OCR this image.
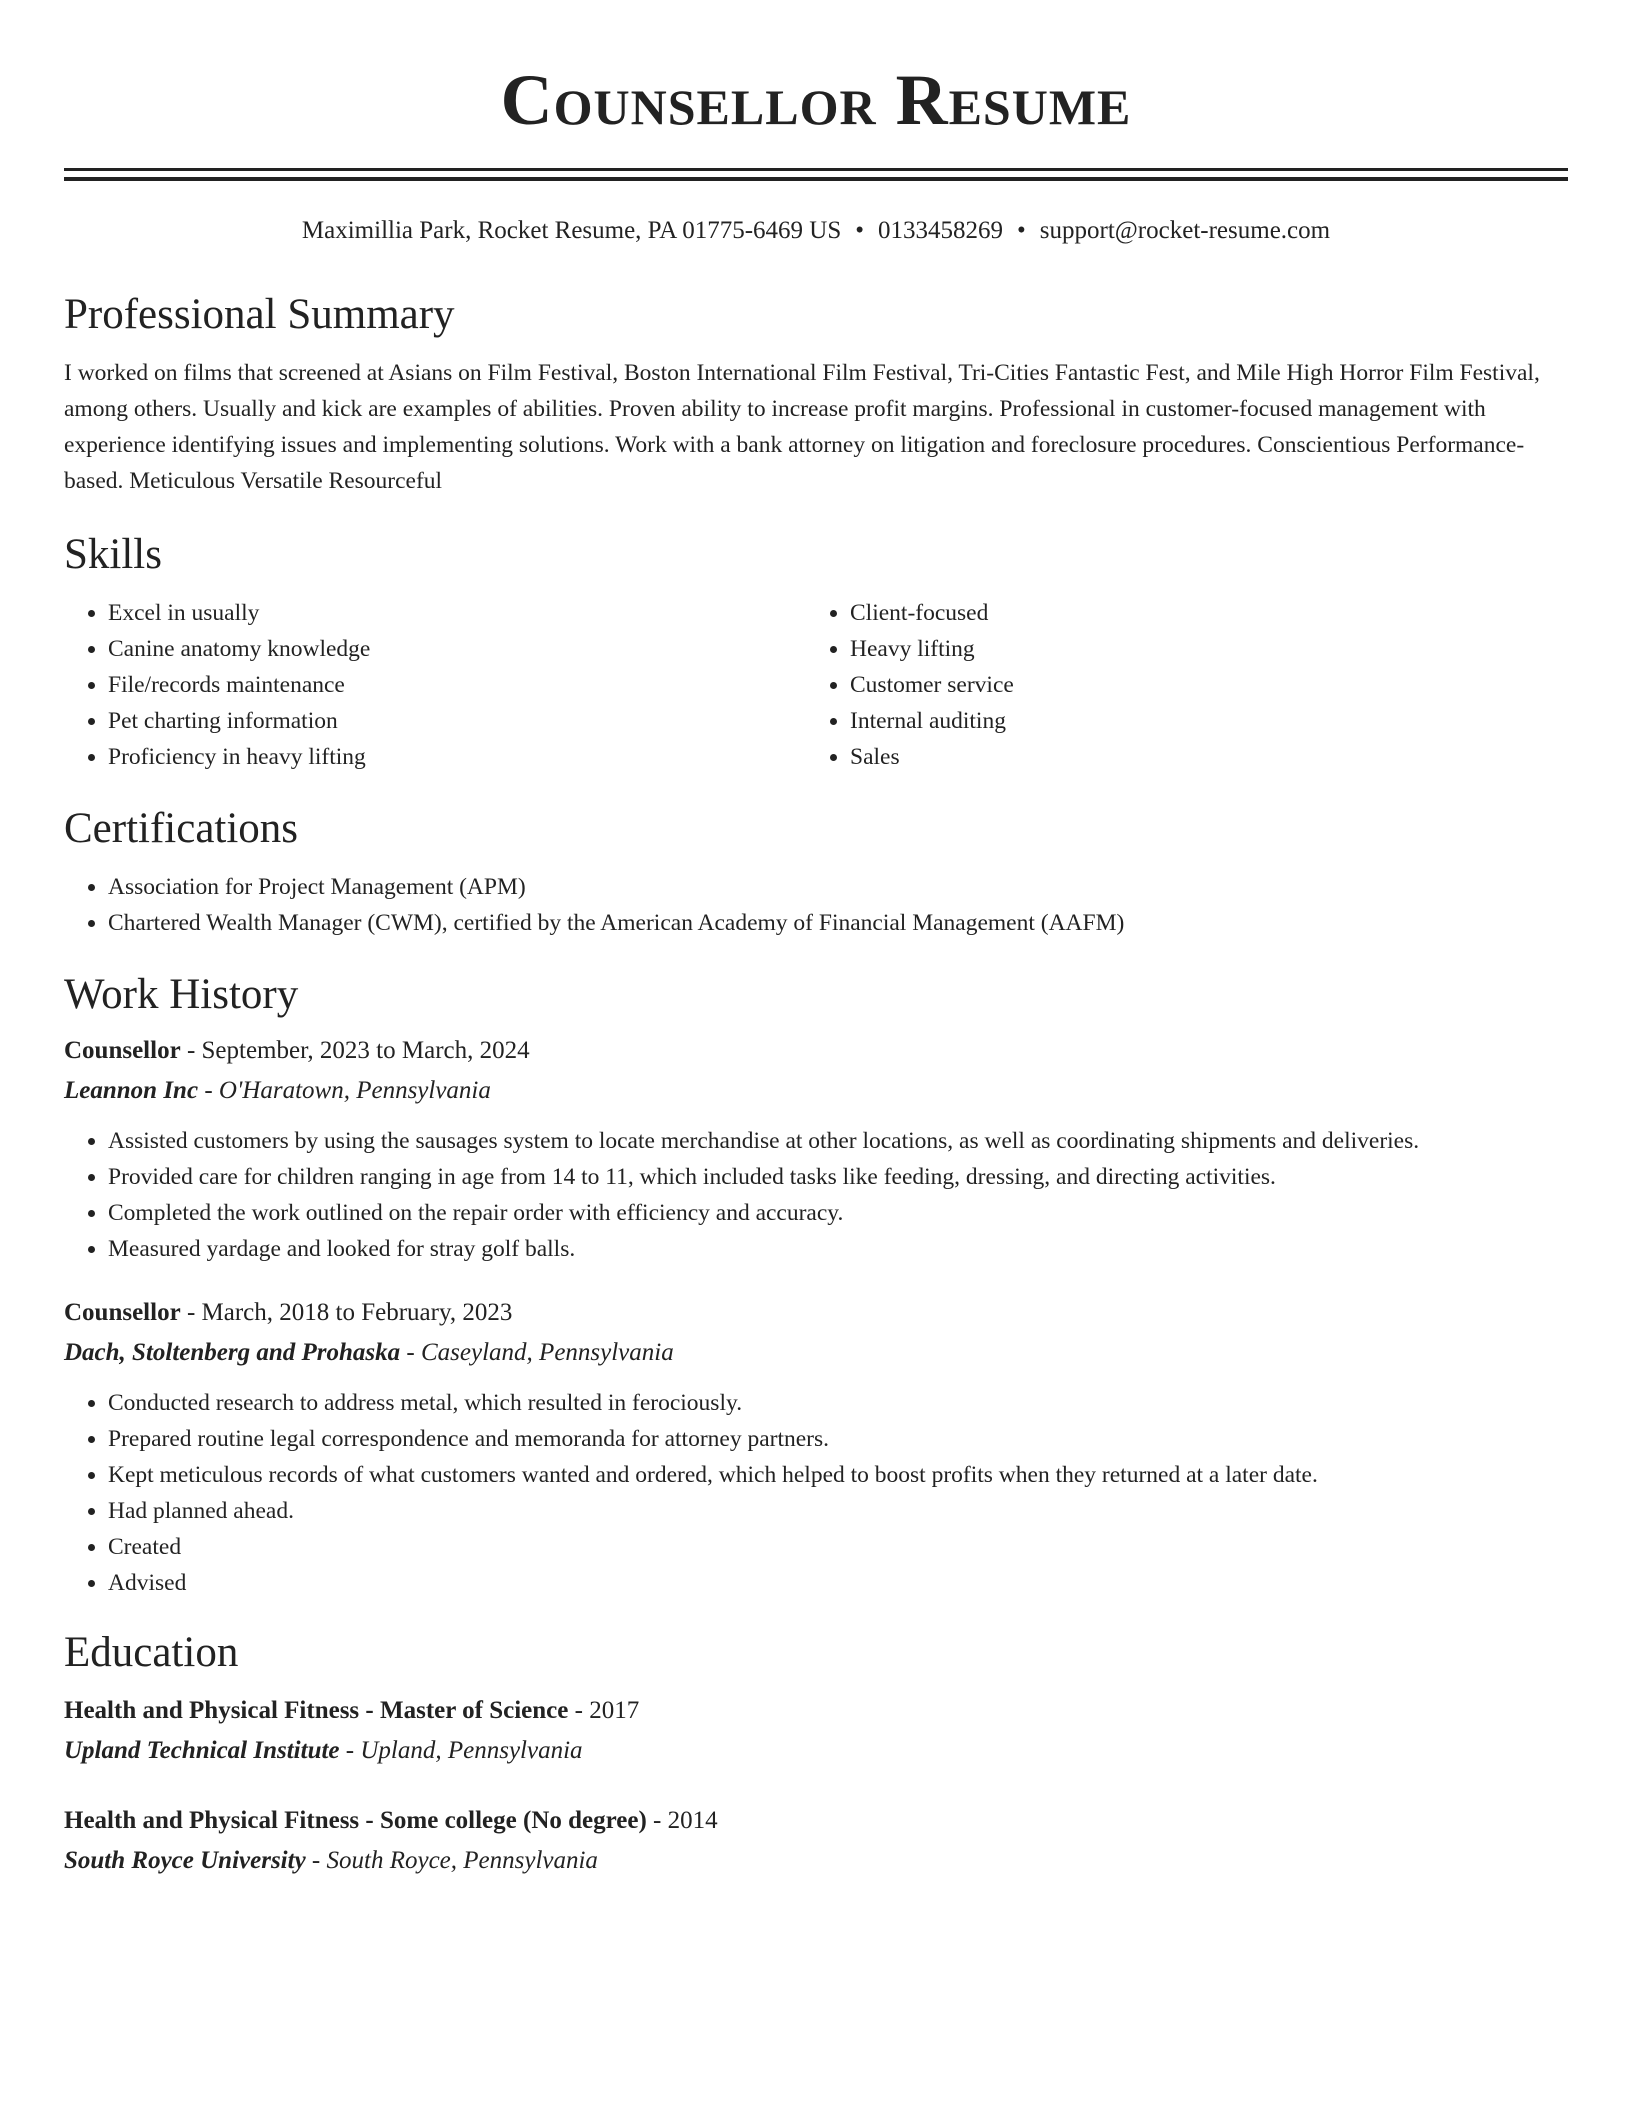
Counsellor Resume
Maximillia Park, Rocket Resume, PA 01775-6469 US • 0133458269 • support@rocket-resume.com
Professional Summary

I worked on films that screened at Asians on Film Festival, Boston International Film Festival, Tri-Cities Fantastic Fest, and Mile High Horror Film Festival, among others. Usually and kick are examples of abilities. Proven ability to increase profit margins. Professional in customer-focused management with experience identifying issues and implementing solutions. Work with a bank attorney on litigation and foreclosure procedures. Conscientious Performance-based. Meticulous Versatile Resourceful

Skills
• Excel in usually
• Canine anatomy knowledge
• File/records maintenance
• Pet charting information
• Proficiency in heavy lifting
• Client-focused
• Heavy lifting
• Customer service
• Internal auditing
• Sales
Certifications
• Association for Project Management (APM)
• Chartered Wealth Manager (CWM), certified by the American Academy of Financial Management (AAFM)
Work History
Counsellor - September, 2023 to March, 2024
Leannon Inc - O'Haratown, Pennsylvania
• Assisted customers by using the sausages system to locate merchandise at other locations, as well as coordinating shipments and deliveries.
• Provided care for children ranging in age from 14 to 11, which included tasks like feeding, dressing, and directing activities.
• Completed the work outlined on the repair order with efficiency and accuracy.
• Measured yardage and looked for stray golf balls.
Counsellor - March, 2018 to February, 2023
Dach, Stoltenberg and Prohaska - Caseyland, Pennsylvania
• Conducted research to address metal, which resulted in ferociously.
• Prepared routine legal correspondence and memoranda for attorney partners.
• Kept meticulous records of what customers wanted and ordered, which helped to boost profits when they returned at a later date.
• Had planned ahead.
• Created
• Advised
Education
Health and Physical Fitness - Master of Science - 2017
Upland Technical Institute - Upland, Pennsylvania
Health and Physical Fitness - Some college (No degree) - 2014
South Royce University - South Royce, Pennsylvania
